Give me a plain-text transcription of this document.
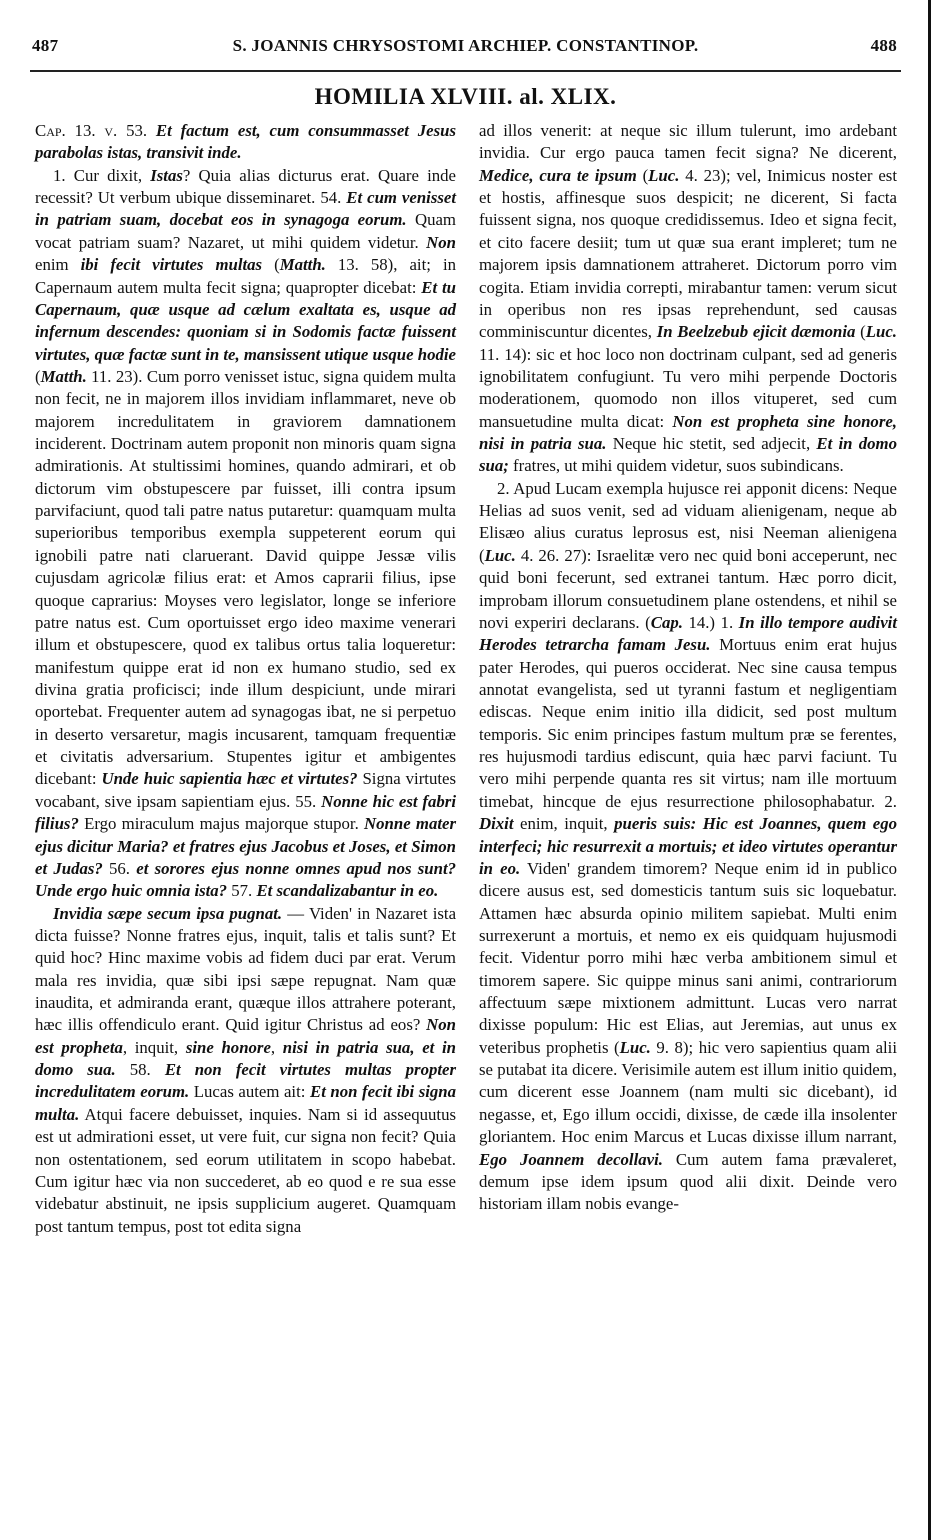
487	S. JOANNIS CHRYSOSTOMI ARCHIEP. CONSTANTINOP.	488
HOMILIA XLVIII. al. XLIX.

Cap. 13. v. 53. Et factum est, cum consummasset Jesus parabolas istas, transivit inde.

1. Cur dixit, Istas? Quia alias dicturus erat. Quare inde recessit? Ut verbum ubique disseminaret. 54. Et cum venisset in patriam suam, docebat eos in synagoga eorum. Quam vocat patriam suam? Nazaret, ut mihi quidem videtur. Non enim ibi fecit virtutes multas (Matth. 13. 58), ait; in Capernaum autem multa fecit signa; quapropter dicebat: Et tu Capernaum, quæ usque ad cælum exaltata es, usque ad infernum descendes: quoniam si in Sodomis factæ fuissent virtutes, quæ factæ sunt in te, mansissent utique usque hodie (Matth. 11. 23). Cum porro venisset istuc, signa quidem multa non fecit, ne in majorem illos invidiam inflammaret, neve ob majorem incredulitatem in graviorem damnationem inciderent. Doctrinam autem proponit non minoris quam signa admirationis. At stultissimi homines, quando admirari, et ob dictorum vim obstupescere par fuisset, illi contra ipsum parvifaciunt, quod tali patre natus putaretur: quamquam multa superioribus temporibus exempla suppeterent eorum qui ignobili patre nati claruerant. David quippe Jessæ vilis cujusdam agricolæ filius erat: et Amos caprarii filius, ipse quoque caprarius: Moyses vero legislator, longe se inferiore patre natus est. Cum oportuisset ergo ideo maxime venerari illum et obstupescere, quod ex talibus ortus talia loqueretur: manifestum quippe erat id non ex humano studio, sed ex divina gratia proficisci; inde illum despiciunt, unde mirari oportebat. Frequenter autem ad synagogas ibat, ne si perpetuo in deserto versaretur, magis incusarent, tamquam frequentiæ et civitatis adversarium. Stupentes igitur et ambigentes dicebant: Unde huic sapientia hæc et virtutes? Signa virtutes vocabant, sive ipsam sapientiam ejus. 55. Nonne hic est fabri filius? Ergo miraculum majus majorque stupor. Nonne mater ejus dicitur Maria? et fratres ejus Jacobus et Joses, et Simon et Judas? 56. et sorores ejus nonne omnes apud nos sunt? Unde ergo huic omnia ista? 57. Et scandalizabantur in eo.

Invidia sæpe secum ipsa pugnat. — Viden' in Nazaret ista dicta fuisse? Nonne fratres ejus, inquit, talis et talis sunt? Et quid hoc? Hinc maxime vobis ad fidem duci par erat. Verum mala res invidia, quæ sibi ipsi sæpe repugnat. Nam quæ inaudita, et admiranda erant, quæque illos attrahere poterant, hæc illis offendiculo erant. Quid igitur Christus ad eos? Non est propheta, inquit, sine honore, nisi in patria sua, et in domo sua. 58. Et non fecit virtutes multas propter incredulitatem eorum. Lucas autem ait: Et non fecit ibi signa multa. Atqui facere debuisset, inquies. Nam si id assequutus est ut admirationi esset, ut vere fuit, cur signa non fecit? Quia non ostentationem, sed eorum utilitatem in scopo habebat. Cum igitur hæc via non succederet, ab eo quod e re sua esse videbatur abstinuit, ne ipsis supplicium augeret. Quamquam post tantum tempus, post tot edita signa

ad illos venerit: at neque sic illum tulerunt, imo ardebant invidia. Cur ergo pauca tamen fecit signa? Ne dicerent, Medice, cura te ipsum (Luc. 4. 23); vel, Inimicus noster est et hostis, affinesque suos despicit; ne dicerent, Si facta fuissent signa, nos quoque credidissemus. Ideo et signa fecit, et cito facere desiit; tum ut quæ sua erant impleret; tum ne majorem ipsis damnationem attraheret. Dictorum porro vim cogita. Etiam invidia correpti, mirabantur tamen: verum sicut in operibus non res ipsas reprehendunt, sed causas comminiscuntur dicentes, In Beelzebub ejicit dæmonia (Luc. 11. 14): sic et hoc loco non doctrinam culpant, sed ad generis ignobilitatem confugiunt. Tu vero mihi perpende Doctoris moderationem, quomodo non illos vituperet, sed cum mansuetudine multa dicat: Non est propheta sine honore, nisi in patria sua. Neque hic stetit, sed adjecit, Et in domo sua; fratres, ut mihi quidem videtur, suos subindicans.

2. Apud Lucam exempla hujusce rei apponit dicens: Neque Helias ad suos venit, sed ad viduam alienigenam, neque ab Elisæo alius curatus leprosus est, nisi Neeman alienigena (Luc. 4. 26. 27): Israelitæ vero nec quid boni acceperunt, nec quid boni fecerunt, sed extranei tantum. Hæc porro dicit, improbam illorum consuetudinem plane ostendens, et nihil se novi experiri declarans. (Cap. 14.) 1. In illo tempore audivit Herodes tetrarcha famam Jesu. Mortuus enim erat hujus pater Herodes, qui pueros occiderat. Nec sine causa tempus annotat evangelista, sed ut tyranni fastum et negligentiam ediscas. Neque enim initio illa didicit, sed post multum temporis. Sic enim principes fastum multum præ se ferentes, res hujusmodi tardius ediscunt, quia hæc parvi faciunt. Tu vero mihi perpende quanta res sit virtus; nam ille mortuum timebat, hincque de ejus resurrectione philosophabatur. 2. Dixit enim, inquit, pueris suis: Hic est Joannes, quem ego interfeci; hic resurrexit a mortuis; et ideo virtutes operantur in eo. Viden' grandem timorem? Neque enim id in publico dicere ausus est, sed domesticis tantum suis sic loquebatur. Attamen hæc absurda opinio militem sapiebat. Multi enim surrexerunt a mortuis, et nemo ex eis quidquam hujusmodi fecit. Videntur porro mihi hæc verba ambitionem simul et timorem sapere. Sic quippe minus sani animi, contrariorum affectuum sæpe mixtionem admittunt. Lucas vero narrat dixisse populum: Hic est Elias, aut Jeremias, aut unus ex veteribus prophetis (Luc. 9. 8); hic vero sapientius quam alii se putabat ita dicere. Verisimile autem est illum initio quidem, cum dicerent esse Joannem (nam multi sic dicebant), id negasse, et, Ego illum occidi, dixisse, de cæde illa insolenter gloriantem. Hoc enim Marcus et Lucas dixisse illum narrant, Ego Joannem decollavi. Cum autem fama prævaleret, demum ipse idem ipsum quod alii dixit. Deinde vero historiam illam nobis evange-
